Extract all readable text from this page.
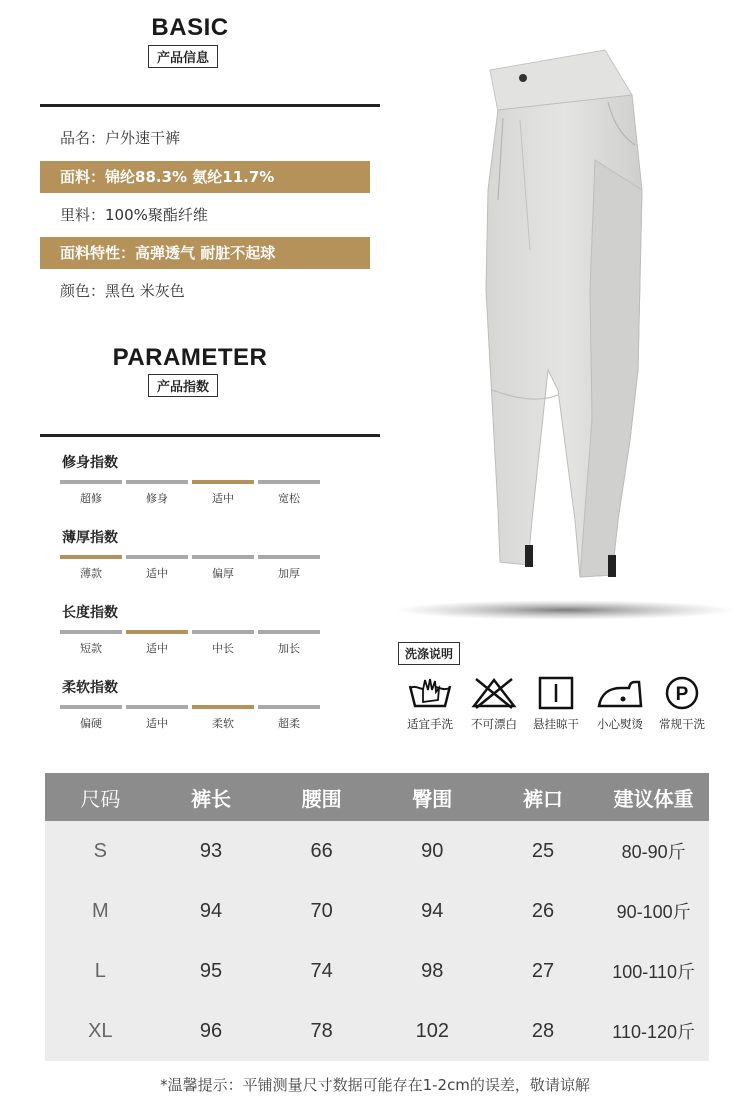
BASIC
产品信息
品名：户外速干裤
面料：锦纶88.3% 氨纶11.7%
里料：100%聚酯纤维
面料特性：高弹透气 耐脏不起球
颜色：黑色 米灰色
PARAMETER
产品指数
修身指数
超修	修身	适中	宽松
薄厚指数
薄款	适中	偏厚	加厚
长度指数
短款	适中	中长	加长
柔软指数
偏硬	适中	柔软	超柔
洗涤说明
适宜手洗	不可漂白	悬挂晾干	小心熨烫
P
常规干洗
尺码	裤长	腰围	臀围	裤口	建议体重
S	93	66	90	25	80-90斤
M	94	70	94	26	90-100斤
L	95	74	98	27	100-110斤
XL	96	78	102	28	110-120斤
*温馨提示：平铺测量尺寸数据可能存在1-2cm的误差，敬请谅解
